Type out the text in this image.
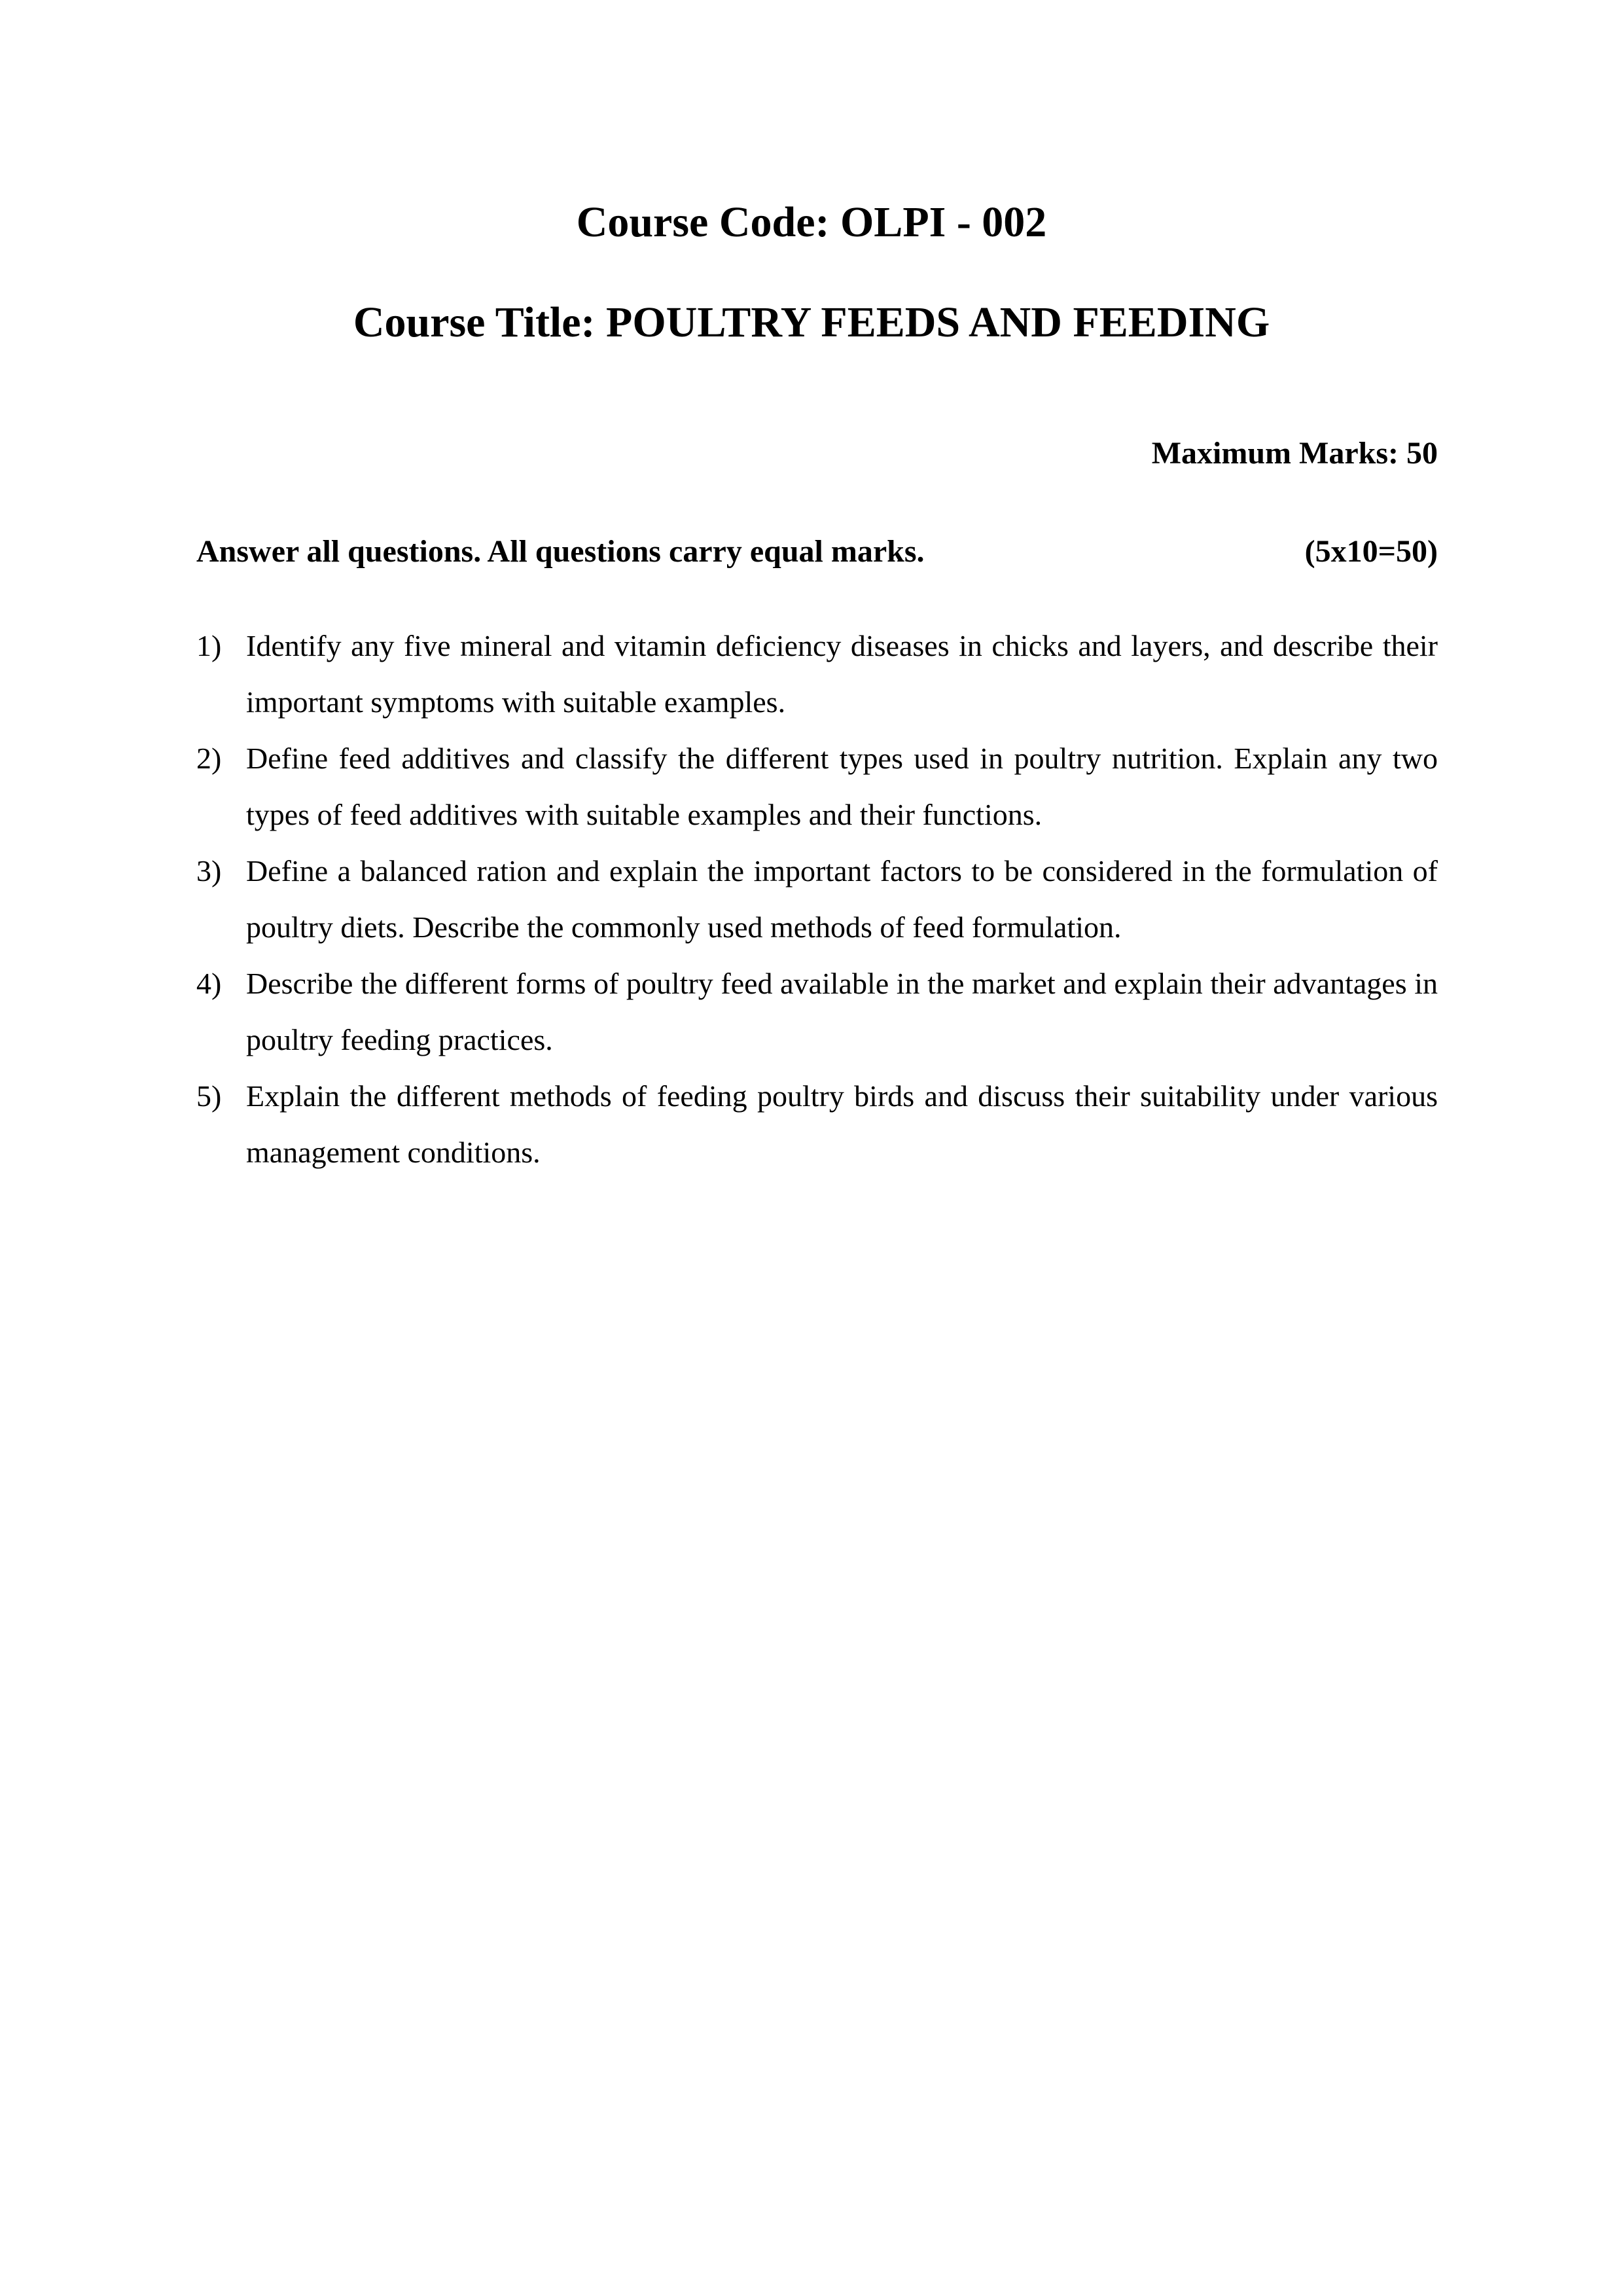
Course Code: OLPI - 002
Course Title: POULTRY FEEDS AND FEEDING
Maximum Marks: 50
Answer all questions. All questions carry equal marks.	(5x10=50)
1) Identify any five mineral and vitamin deficiency diseases in chicks and layers, and describe their important symptoms with suitable examples.
2) Define feed additives and classify the different types used in poultry nutrition. Explain any two types of feed additives with suitable examples and their functions.
3) Define a balanced ration and explain the important factors to be considered in the formulation of poultry diets. Describe the commonly used methods of feed formulation.
4) Describe the different forms of poultry feed available in the market and explain their advantages in poultry feeding practices.
5) Explain the different methods of feeding poultry birds and discuss their suitability under various management conditions.
